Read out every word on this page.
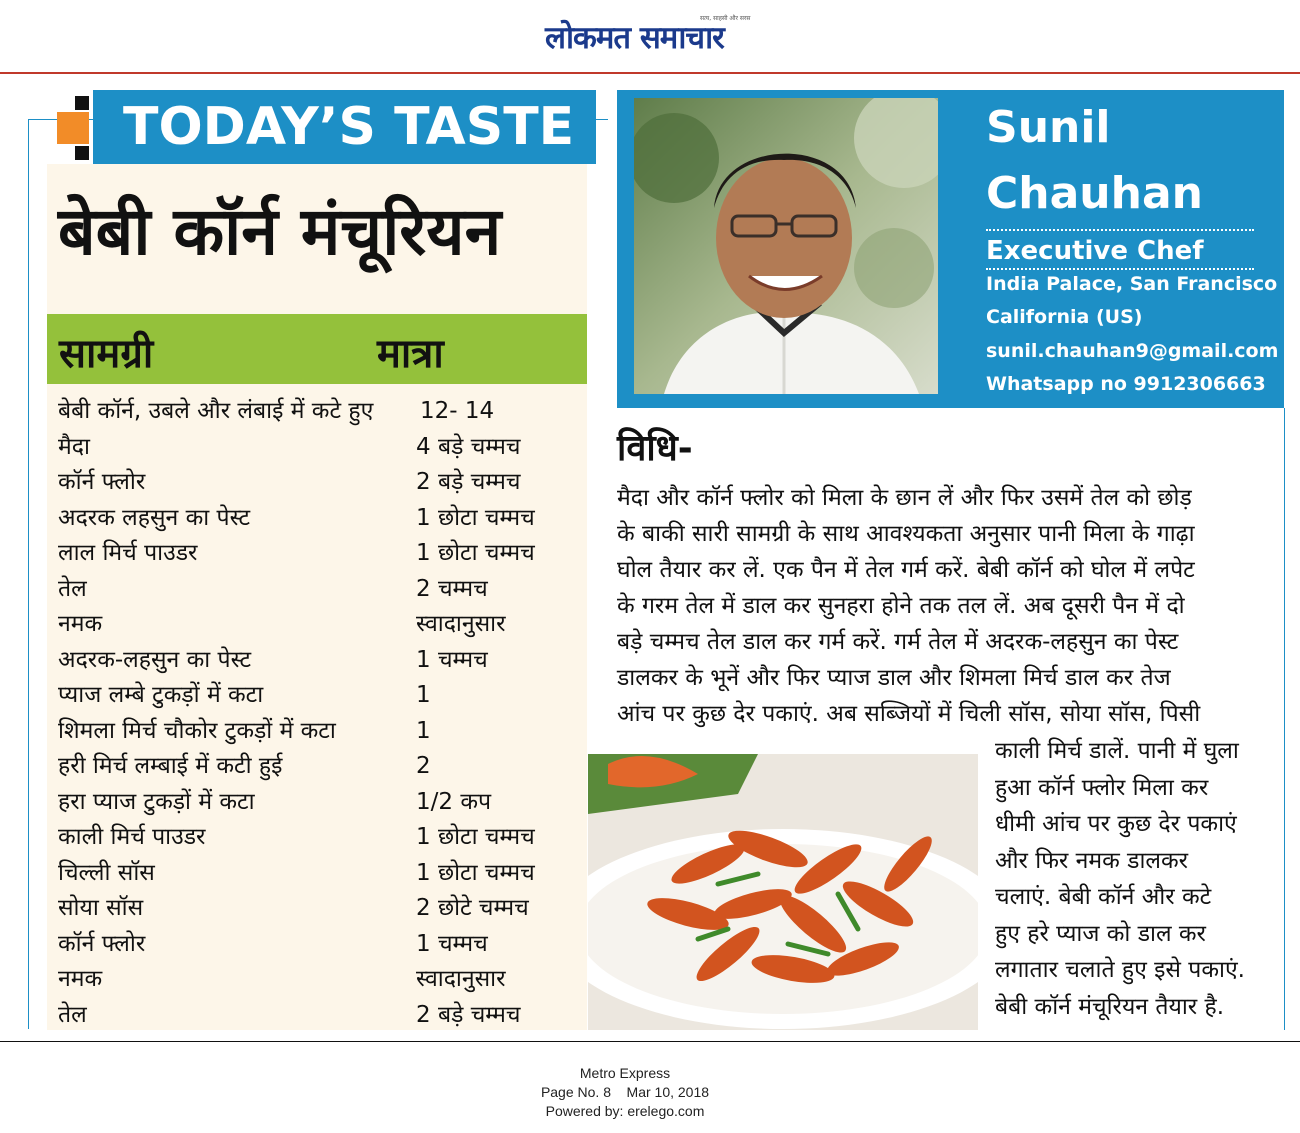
लोकमत समाचार
सत्य, साहसी और सरस
TODAY’S TASTE
बेबी कॉर्न मंचूरियन
सामग्री	मात्रा
बेबी कॉर्न, उबले और लंबाई में कटे हुए 12- 14
मैदा	4 बड़े चम्मच
कॉर्न फ्लोर	2 बड़े चम्मच
अदरक लहसुन का पेस्ट	1 छोटा चम्मच
लाल मिर्च पाउडर	1 छोटा चम्मच
तेल	2 चम्मच
नमक	स्वादानुसार
अदरक-लहसुन का पेस्ट	1 चम्मच
प्याज लम्बे टुकड़ों में कटा	1
शिमला मिर्च चौकोर टुकड़ों में कटा	1
हरी मिर्च लम्बाई में कटी हुई	2
हरा प्याज टुकड़ों में कटा	1/2 कप
काली मिर्च पाउडर	1 छोटा चम्मच
चिल्ली सॉस	1 छोटा चम्मच
सोया सॉस	2 छोटे चम्मच
कॉर्न फ्लोर	1 चम्मच
नमक	स्वादानुसार
तेल	2 बड़े चम्मच
Sunil
Chauhan
Executive Chef
India Palace, San Francisco
California (US)
sunil.chauhan9@gmail.com
Whatsapp no 9912306663
विधि-

मैदा और कॉर्न फ्लोर को मिला के छान लें और फिर उसमें तेल को छोड़

के बाकी सारी सामग्री के साथ आवश्यकता अनुसार पानी मिला के गाढ़ा

घोल तैयार कर लें. एक पैन में तेल गर्म करें. बेबी कॉर्न को घोल में लपेट

के गरम तेल में डाल कर सुनहरा होने तक तल लें. अब दूसरी पैन में दो

बड़े चम्मच तेल डाल कर गर्म करें. गर्म तेल में अदरक-लहसुन का पेस्ट

डालकर के भूनें और फिर प्याज डाल और शिमला मिर्च डाल कर तेज

आंच पर कुछ देर पकाएं. अब सब्जियों में चिली सॉस, सोया सॉस, पिसी

काली मिर्च डालें. पानी में घुला

हुआ कॉर्न फ्लोर मिला कर

धीमी आंच पर कुछ देर पकाएं

और फिर नमक डालकर

चलाएं. बेबी कॉर्न और कटे

हुए हरे प्याज को डाल कर

लगातार चलाते हुए इसे पकाएं.

बेबी कॉर्न मंचूरियन तैयार है.

Metro Express
Page No. 8    Mar 10, 2018
Powered by: erelego.com
